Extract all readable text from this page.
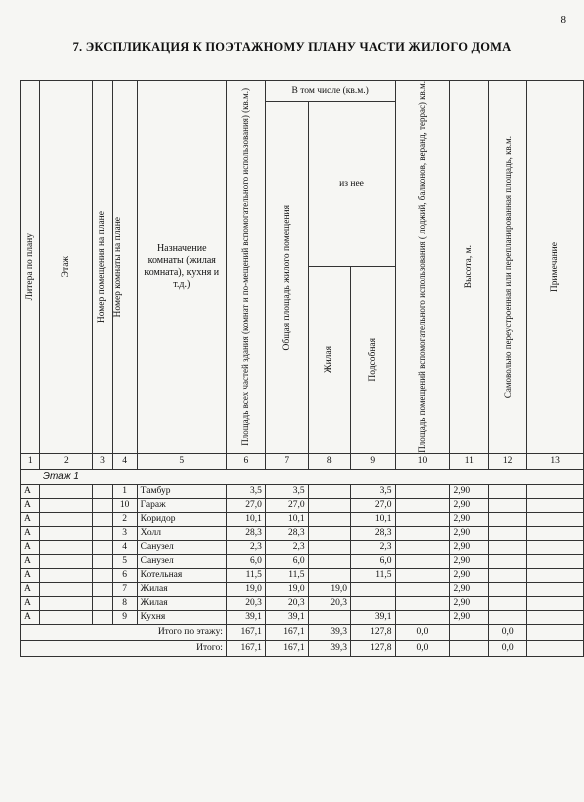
8
7. ЭКСПЛИКАЦИЯ К ПОЭТАЖНОМУ ПЛАНУ ЧАСТИ ЖИЛОГО ДОМА
Литера по плану	Этаж	Номер помещения на плане	Номер комнаты на плане	Назначение комнаты (жилая комната), кухня и т.д.)	Площадь всех частей здания (комнат и по-мещений вспомогательного использования) (кв.м.)	В том числе (кв.м.)			Площадь помещений вспомогательного использования ( лоджий, балконов, веранд, террас) кв.м.	Высота, м.	Самовольно переустроенная или перепланированная площадь, кв.м.	Примечание

						Общая площадь жилого помещения	из нее					

							Жилая	Подсобная				

1	2	3	4	5	6	7	8	9	10	11	12	13
Этаж 1												
А			1	Тамбур	3,5	3,5		3,5		2,90		
А			10	Гараж	27,0	27,0		27,0		2,90		
А			2	Коридор	10,1	10,1		10,1		2,90		
А			3	Холл	28,3	28,3		28,3		2,90		
А			4	Санузел	2,3	2,3		2,3		2,90		
А			5	Санузел	6,0	6,0		6,0		2,90		
А			6	Котельная	11,5	11,5		11,5		2,90		
А			7	Жилая	19,0	19,0	19,0			2,90		
А			8	Жилая	20,3	20,3	20,3			2,90		
А			9	Кухня	39,1	39,1		39,1		2,90		
Итого по этажу:					167,1	167,1	39,3	127,8	0,0		0,0	
Итого:					167,1	167,1	39,3	127,8	0,0		0,0	
